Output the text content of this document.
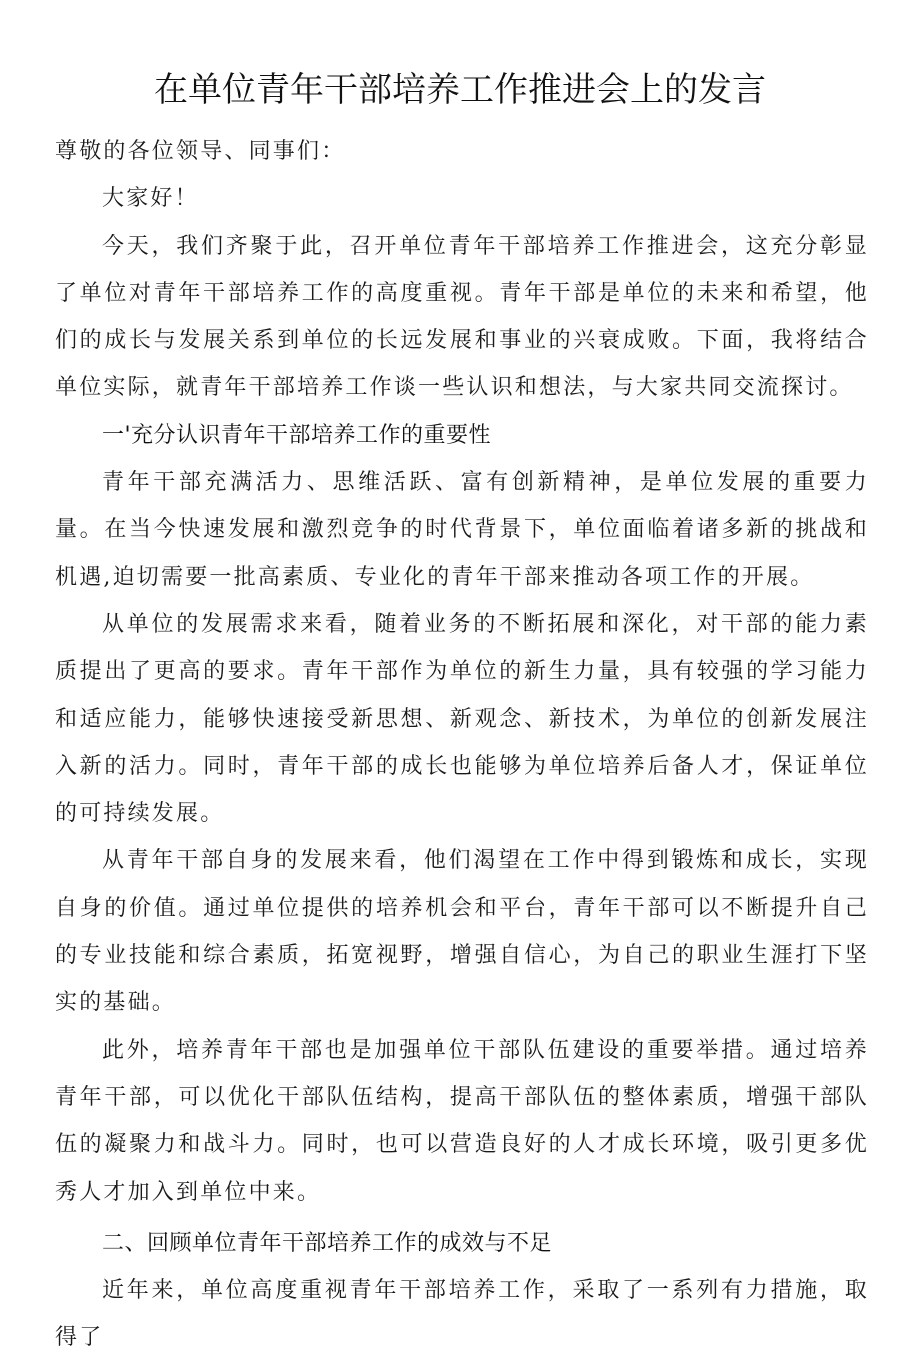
在单位青年干部培养工作推进会上的发言

尊敬的各位领导、同事们：

大家好！

今天，我们齐聚于此，召开单位青年干部培养工作推进会，这充分彰显了单位对青年干部培养工作的高度重视。青年干部是单位的未来和希望，他们的成长与发展关系到单位的长远发展和事业的兴衰成败。下面，我将结合单位实际，就青年干部培养工作谈一些认识和想法，与大家共同交流探讨。

一'充分认识青年干部培养工作的重要性

青年干部充满活力、思维活跃、富有创新精神，是单位发展的重要力量。在当今快速发展和激烈竞争的时代背景下，单位面临着诸多新的挑战和机遇,迫切需要一批高素质、专业化的青年干部来推动各项工作的开展。

从单位的发展需求来看，随着业务的不断拓展和深化，对干部的能力素质提出了更高的要求。青年干部作为单位的新生力量，具有较强的学习能力和适应能力，能够快速接受新思想、新观念、新技术，为单位的创新发展注入新的活力。同时，青年干部的成长也能够为单位培养后备人才，保证单位的可持续发展。

从青年干部自身的发展来看，他们渴望在工作中得到锻炼和成长，实现自身的价值。通过单位提供的培养机会和平台，青年干部可以不断提升自己的专业技能和综合素质，拓宽视野，增强自信心，为自己的职业生涯打下坚实的基础。

此外，培养青年干部也是加强单位干部队伍建设的重要举措。通过培养青年干部，可以优化干部队伍结构，提高干部队伍的整体素质，增强干部队伍的凝聚力和战斗力。同时，也可以营造良好的人才成长环境，吸引更多优秀人才加入到单位中来。

二、回顾单位青年干部培养工作的成效与不足

近年来，单位高度重视青年干部培养工作，采取了一系列有力措施，取得了
